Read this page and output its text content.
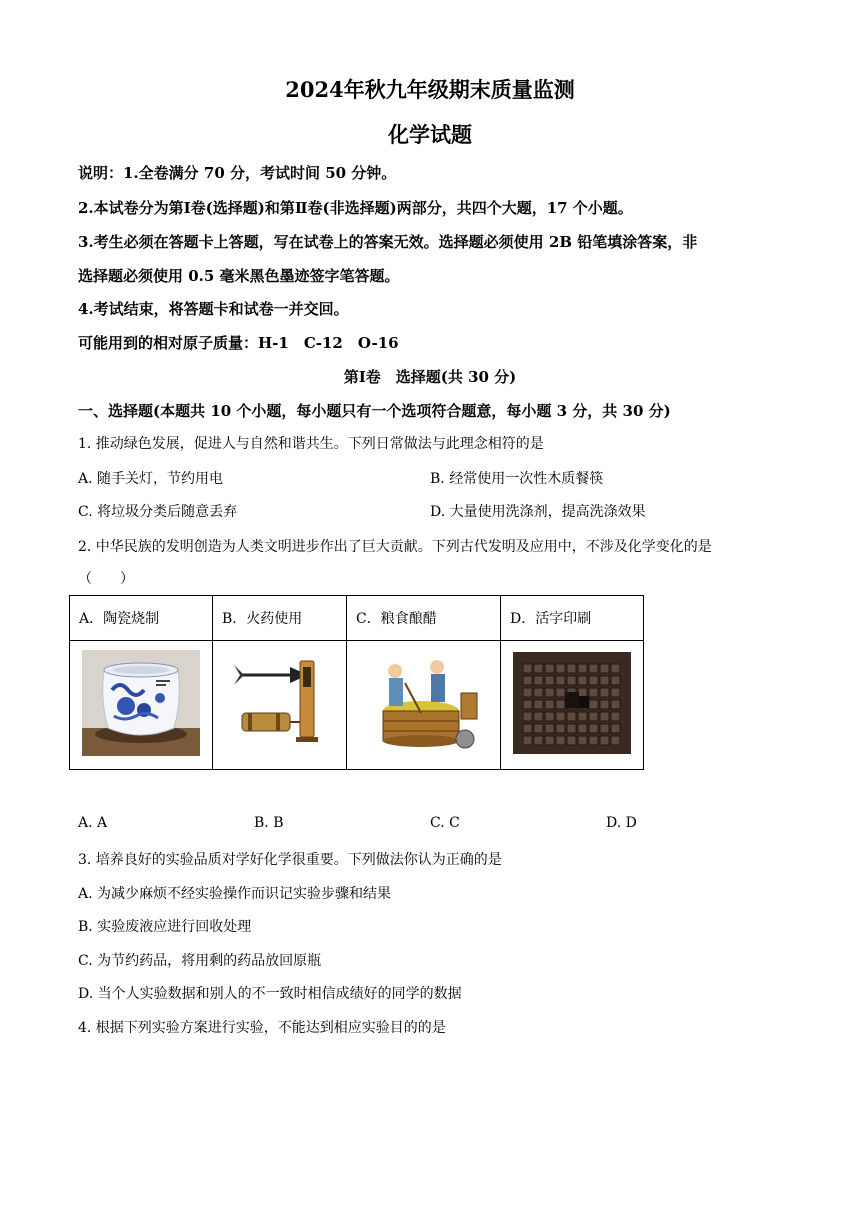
2024年秋九年级期末质量监测
化学试题
说明：1.全卷满分 70 分，考试时间 50 分钟。
2.本试卷分为第Ⅰ卷(选择题)和第Ⅱ卷(非选择题)两部分，共四个大题，17 个小题。
3.考生必须在答题卡上答题，写在试卷上的答案无效。选择题必须使用 2B 铅笔填涂答案，非
选择题必须使用 0.5 毫米黑色墨迹签字笔答题。
4.考试结束，将答题卡和试卷一并交回。
可能用到的相对原子质量：H-1　C-12　O-16
第Ⅰ卷　选择题(共 30 分)
一、选择题(本题共 10 个小题，每小题只有一个选项符合题意，每小题 3 分，共 30 分)
1. 推动绿色发展，促进人与自然和谐共生。下列日常做法与此理念相符的是
A. 随手关灯，节约用电	B. 经常使用一次性木质餐筷
C. 将垃圾分类后随意丢弃	D. 大量使用洗涤剂，提高洗涤效果
2. 中华民族的发明创造为人类文明进步作出了巨大贡献。下列古代发明及应用中，不涉及化学变化的是
（　　）
A．陶瓷烧制	B．火药使用	C．粮食酿醋	D．活字印刷

A. A	B. B	C. C	D. D
3. 培养良好的实验品质对学好化学很重要。下列做法你认为正确的是
A. 为减少麻烦不经实验操作而识记实验步骤和结果
B. 实验废液应进行回收处理
C. 为节约药品，将用剩的药品放回原瓶
D. 当个人实验数据和别人的不一致时相信成绩好的同学的数据
4. 根据下列实验方案进行实验，不能达到相应实验目的的是
